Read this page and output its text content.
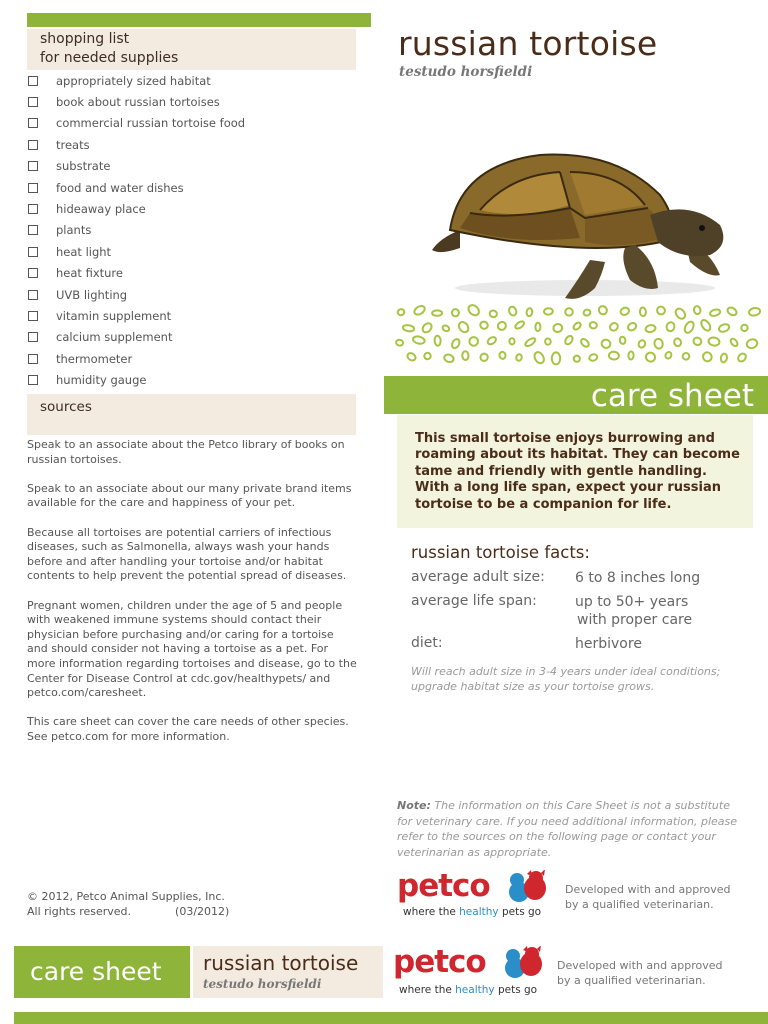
shopping list
for needed supplies
appropriately sized habitat
book about russian tortoises
commercial russian tortoise food
treats
substrate
food and water dishes
hideaway place
plants
heat light
heat fixture
UVB lighting
vitamin supplement
calcium supplement
thermometer
humidity gauge
sources

Speak to an associate about the Petco library of books on russian tortoises.

Speak to an associate about our many private brand items available for the care and happiness of your pet.

Because all tortoises are potential carriers of infectious diseases, such as Salmonella, always wash your hands before and after handling your tortoise and/or habitat contents to help prevent the potential spread of diseases.

Pregnant women, children under the age of 5 and people with weakened immune systems should contact their physician before purchasing and/or caring for a tortoise and should consider not having a tortoise as a pet. For more information regarding tortoises and disease, go to the Center for Disease Control at cdc.gov/healthypets/ and petco.com/caresheet.

This care sheet can cover the care needs of other species. See petco.com for more information.

© 2012, Petco Animal Supplies, Inc.
All rights reserved.	(03/2012)
russian tortoise
testudo horsfieldi
care sheet

This small tortoise enjoys burrowing and roaming about its habitat. They can become tame and friendly with gentle handling. With a long life span, expect your russian tortoise to be a companion for life.

russian tortoise facts:
average adult size: 6 to 8 inches long
average life span:	up to 50+ years
with proper care
diet:	herbivore
Will reach adult size in 3-4 years under ideal conditions; upgrade habitat size as your tortoise grows.
Note: The information on this Care Sheet is not a substitute for veterinary care. If you need additional information, please refer to the sources on the following page or contact your veterinarian as appropriate.
petco
where the healthy pets go
Developed with and approved
by a qualified veterinarian.
care sheet russian tortoise
testudo horsfieldi
petco
where the healthy pets go
Developed with and approved
by a qualified veterinarian.
